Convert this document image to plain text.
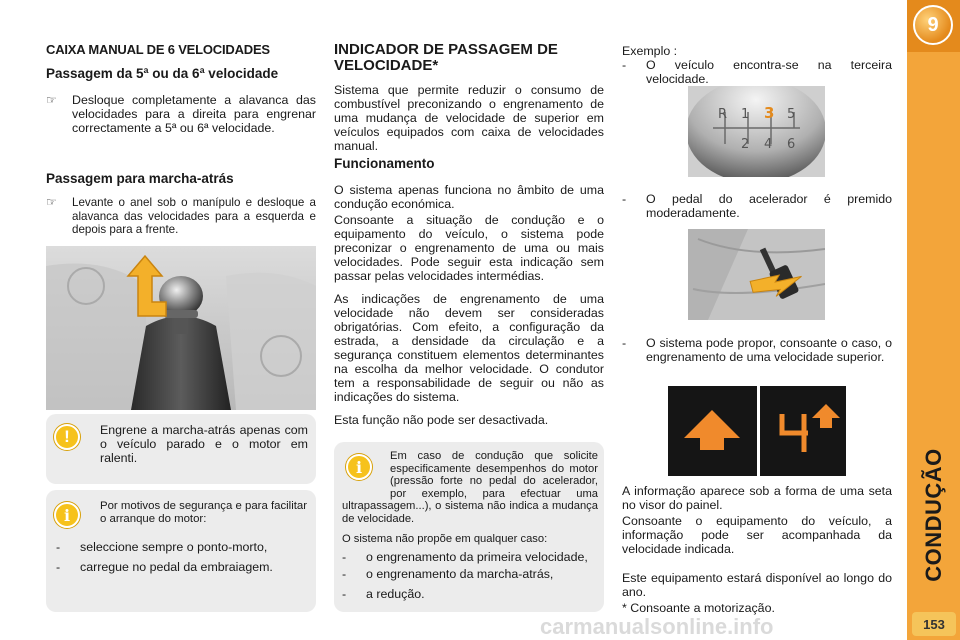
CAIXA MANUAL DE 6 VELOCIDADES
Passagem da 5ª ou da 6ª velocidade
☞ Desloque completamente a alavanca das velocidades para a direita para engrenar correctamente a 5ª ou 6ª velocidade.
Passagem para marcha-atrás
☞ Levante o anel sob o manípulo e desloque a alavanca das velocidades para a esquerda e depois para a frente.
!	Engrene a marcha-atrás apenas com o veículo parado e o motor em ralenti.
i	Por motivos de segurança e para facilitar o arranque do motor:
- seleccione sempre o ponto-morto,
- carregue no pedal da embraiagem.
INDICADOR DE PASSAGEM DE VELOCIDADE*
Sistema que permite reduzir o consumo de combustível preconizando o engrenamento de uma mudança de velocidade de superior em veículos equipados com caixa de velocidades manual.
Funcionamento
O sistema apenas funciona no âmbito de uma condução económica.
Consoante a situação de condução e o equipamento do veículo, o sistema pode preconizar o engrenamento de uma ou mais velocidades. Pode seguir esta indicação sem passar pelas velocidades intermédias.
As indicações de engrenamento de uma velocidade não devem ser consideradas obrigatórias. Com efeito, a configuração da estrada, a densidade da circulação e a segurança constituem elementos determinantes na escolha da melhor velocidade. O condutor tem a responsabilidade de seguir ou não as indicações do sistema.
Esta função não pode ser desactivada.
i
Em caso de condução que solicite especificamente desempenhos do motor (pressão forte no pedal do acelerador, por exemplo, para efectuar uma ultrapassagem...), o sistema não indica a mudança de velocidade.
O sistema não propõe em qualquer caso:
- o engrenamento da primeira velocidade,
- o engrenamento da marcha-atrás,
- a redução.
Exemplo :
- O veículo encontra-se na terceira velocidade.
R 1 3 5
2 4 6
- O pedal do acelerador é premido moderadamente.
- O sistema pode propor, consoante o caso, o engrenamento de uma velocidade superior.
A informação aparece sob a forma de uma seta no visor do painel.
Consoante o equipamento do veículo, a informação pode ser acompanhada da velocidade indicada.
Este equipamento estará disponível ao longo do ano.
* Consoante a motorização.
9
CONDUÇÃO
153
carmanualsonline.info
